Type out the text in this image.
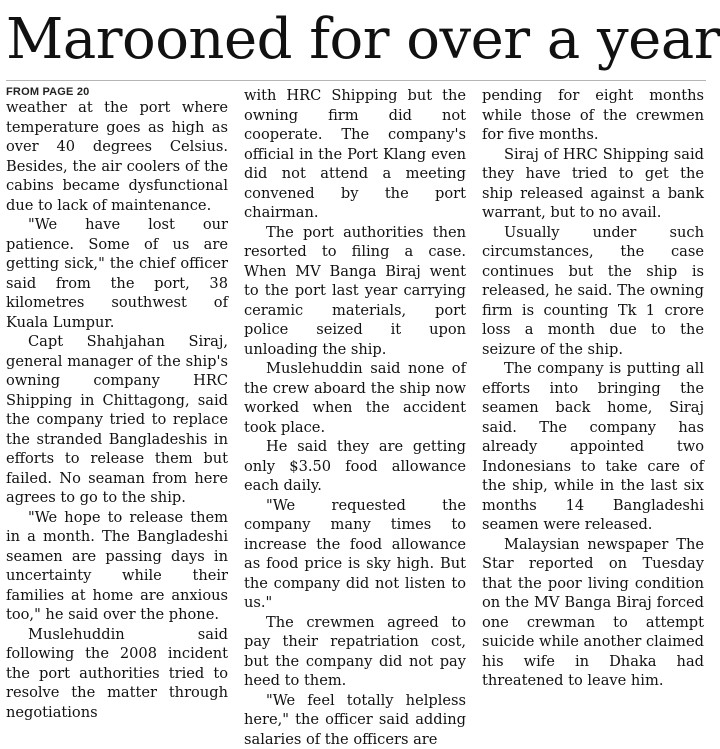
Marooned for over a year
FROM PAGE 20

weather at the port where temperature goes as high as over 40 degrees Celsius. Besides, the air coolers of the cabins became dysfunctional due to lack of maintenance.

"We have lost our patience. Some of us are getting sick," the chief officer said from the port, 38 kilometres southwest of Kuala Lumpur.

Capt Shahjahan Siraj, general manager of the ship's owning company HRC Shipping in Chittagong, said the company tried to replace the stranded Bangladeshis in efforts to release them but failed. No seaman from here agrees to go to the ship.

"We hope to release them in a month. The Bangladeshi seamen are passing days in uncertainty while their families at home are anxious too," he said over the phone.

Muslehuddin said following the 2008 incident the port authorities tried to resolve the matter through negotiations

with HRC Shipping but the owning firm did not cooperate. The company's official in the Port Klang even did not attend a meeting convened by the port chairman.

The port authorities then resorted to filing a case. When MV Banga Biraj went to the port last year carrying ceramic materials, port police seized it upon unloading the ship.

Muslehuddin said none of the crew aboard the ship now worked when the accident took place.

He said they are getting only $3.50 food allowance each daily.

"We requested the company many times to increase the food allowance as food price is sky high. But the company did not listen to us."

The crewmen agreed to pay their repatriation cost, but the company did not pay heed to them.

"We feel totally helpless here," the officer said adding salaries of the officers are

pending for eight months while those of the crewmen for five months.

Siraj of HRC Shipping said they have tried to get the ship released against a bank warrant, but to no avail.

Usually under such circumstances, the case continues but the ship is released, he said. The owning firm is counting Tk 1 crore loss a month due to the seizure of the ship.

The company is putting all efforts into bringing the seamen back home, Siraj said. The company has already appointed two Indonesians to take care of the ship, while in the last six months 14 Bangladeshi seamen were released.

Malaysian newspaper The Star reported on Tuesday that the poor living condition on the MV Banga Biraj forced one crewman to attempt suicide while another claimed his wife in Dhaka had threatened to leave him.
